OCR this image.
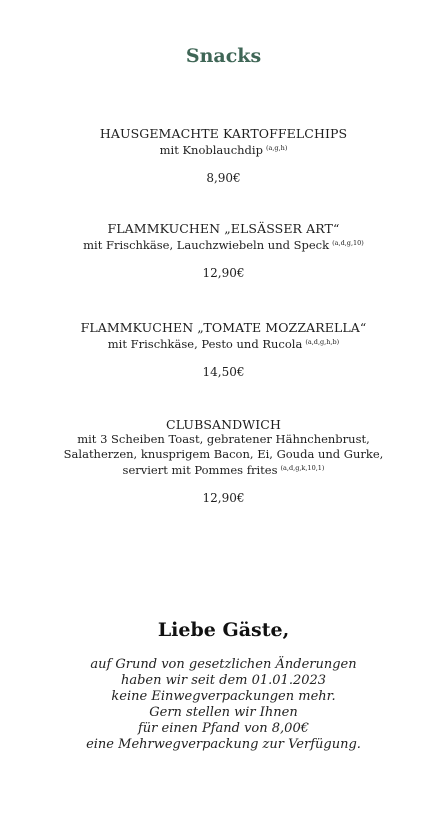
Snacks
HAUSGEMACHTE KARTOFFELCHIPS
mit Knoblauchdip $^{(a,g,h)}$
8,90€
FLAMMKUCHEN „ELSÄSSER ART“
mit Frischkäse, Lauchzwiebeln und Speck $^{(a,d,g,10)}$
12,90€
FLAMMKUCHEN „TOMATE MOZZARELLA“
mit Frischkäse, Pesto und Rucola $^{(a,d,g,h,b)}$
14,50€
CLUBSANDWICH
mit 3 Scheiben Toast, gebratener Hähnchenbrust,
Salatherzen, knusprigem Bacon, Ei, Gouda und Gurke,
serviert mit Pommes frites $^{(a,d,g,k,10,1)}$
12,90€
Liebe Gäste,
auf Grund von gesetzlichen Änderungen
haben wir seit dem 01.01.2023
keine Einwegverpackungen mehr.
Gern stellen wir Ihnen
für einen Pfand von 8,00€
eine Mehrwegverpackung zur Verfügung.
